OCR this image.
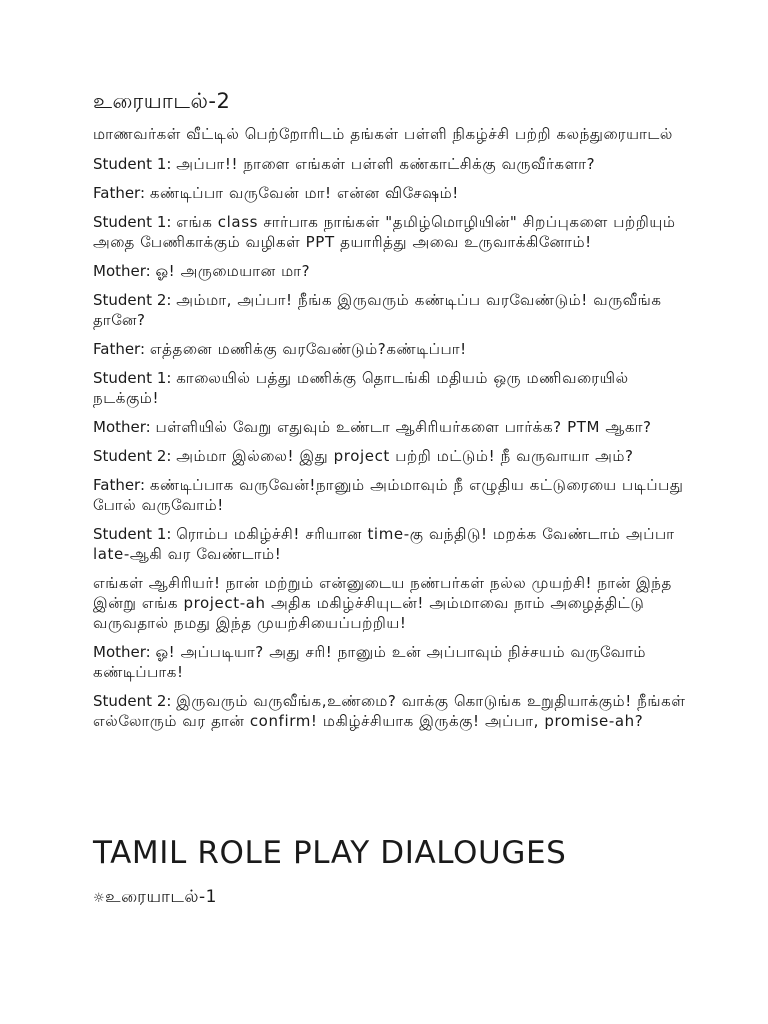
உரையாடல்-2

மாணவர்கள் வீட்டில் பெற்றோரிடம் தங்கள் பள்ளி நிகழ்ச்சி பற்றி கலந்துரையாடல்

Student 1: அப்பா!! நாளை எங்கள் பள்ளி கண்காட்சிக்கு வருவீர்களா?

Father: கண்டிப்பா வருவேன் மா! என்ன விசேஷம்!

Student 1: எங்க class சார்பாக நாங்கள் "தமிழ்மொழியின்" சிறப்புகளை பற்றியும் அதை பேணிகாக்கும் வழிகள் PPT தயாரித்து அவை உருவாக்கினோம்!

Mother: ஓ! அருமையான மா?

Student 2: அம்மா, அப்பா! நீங்க இருவரும் கண்டிப்ப வரவேண்டும்! வருவீங்க தானே?

Father: எத்தனை மணிக்கு வரவேண்டும்?கண்டிப்பா!

Student 1: காலையில் பத்து மணிக்கு தொடங்கி மதியம் ஒரு மணிவரையில் நடக்கும்!

Mother: பள்ளியில் வேறு எதுவும் உண்டா ஆசிரியர்களை பார்க்க? PTM ஆகா?

Student 2: அம்மா இல்லை! இது project பற்றி மட்டும்! நீ வருவாயா அம்?

Father: கண்டிப்பாக வருவேன்!நானும் அம்மாவும் நீ எழுதிய கட்டுரையை படிப்பது போல் வருவோம்!

Student 1: ரொம்ப மகிழ்ச்சி! சரியான time-கு வந்திடு! மறக்க வேண்டாம் அப்பா late-ஆகி வர வேண்டாம்!

எங்கள் ஆசிரியர்! நான் மற்றும் என்னுடைய நண்பர்கள் நல்ல முயற்சி! நான் இந்த இன்று எங்க project-ah அதிக மகிழ்ச்சியுடன்! அம்மாவை நாம் அழைத்திட்டு வருவதால் நமது இந்த முயற்சியைப்பற்றிய!

Mother: ஓ! அப்படியா? அது சரி! நானும் உன் அப்பாவும் நிச்சயம் வருவோம் கண்டிப்பாக!

Student 2: இருவரும் வருவீங்க,உண்மை? வாக்கு கொடுங்க உறுதியாக்கும்! நீங்கள் எல்லோரும் வர தான் confirm! மகிழ்ச்சியாக இருக்கு! அப்பா, promise-ah?

TAMIL ROLE PLAY DIALOUGES

☼உரையாடல்-1
